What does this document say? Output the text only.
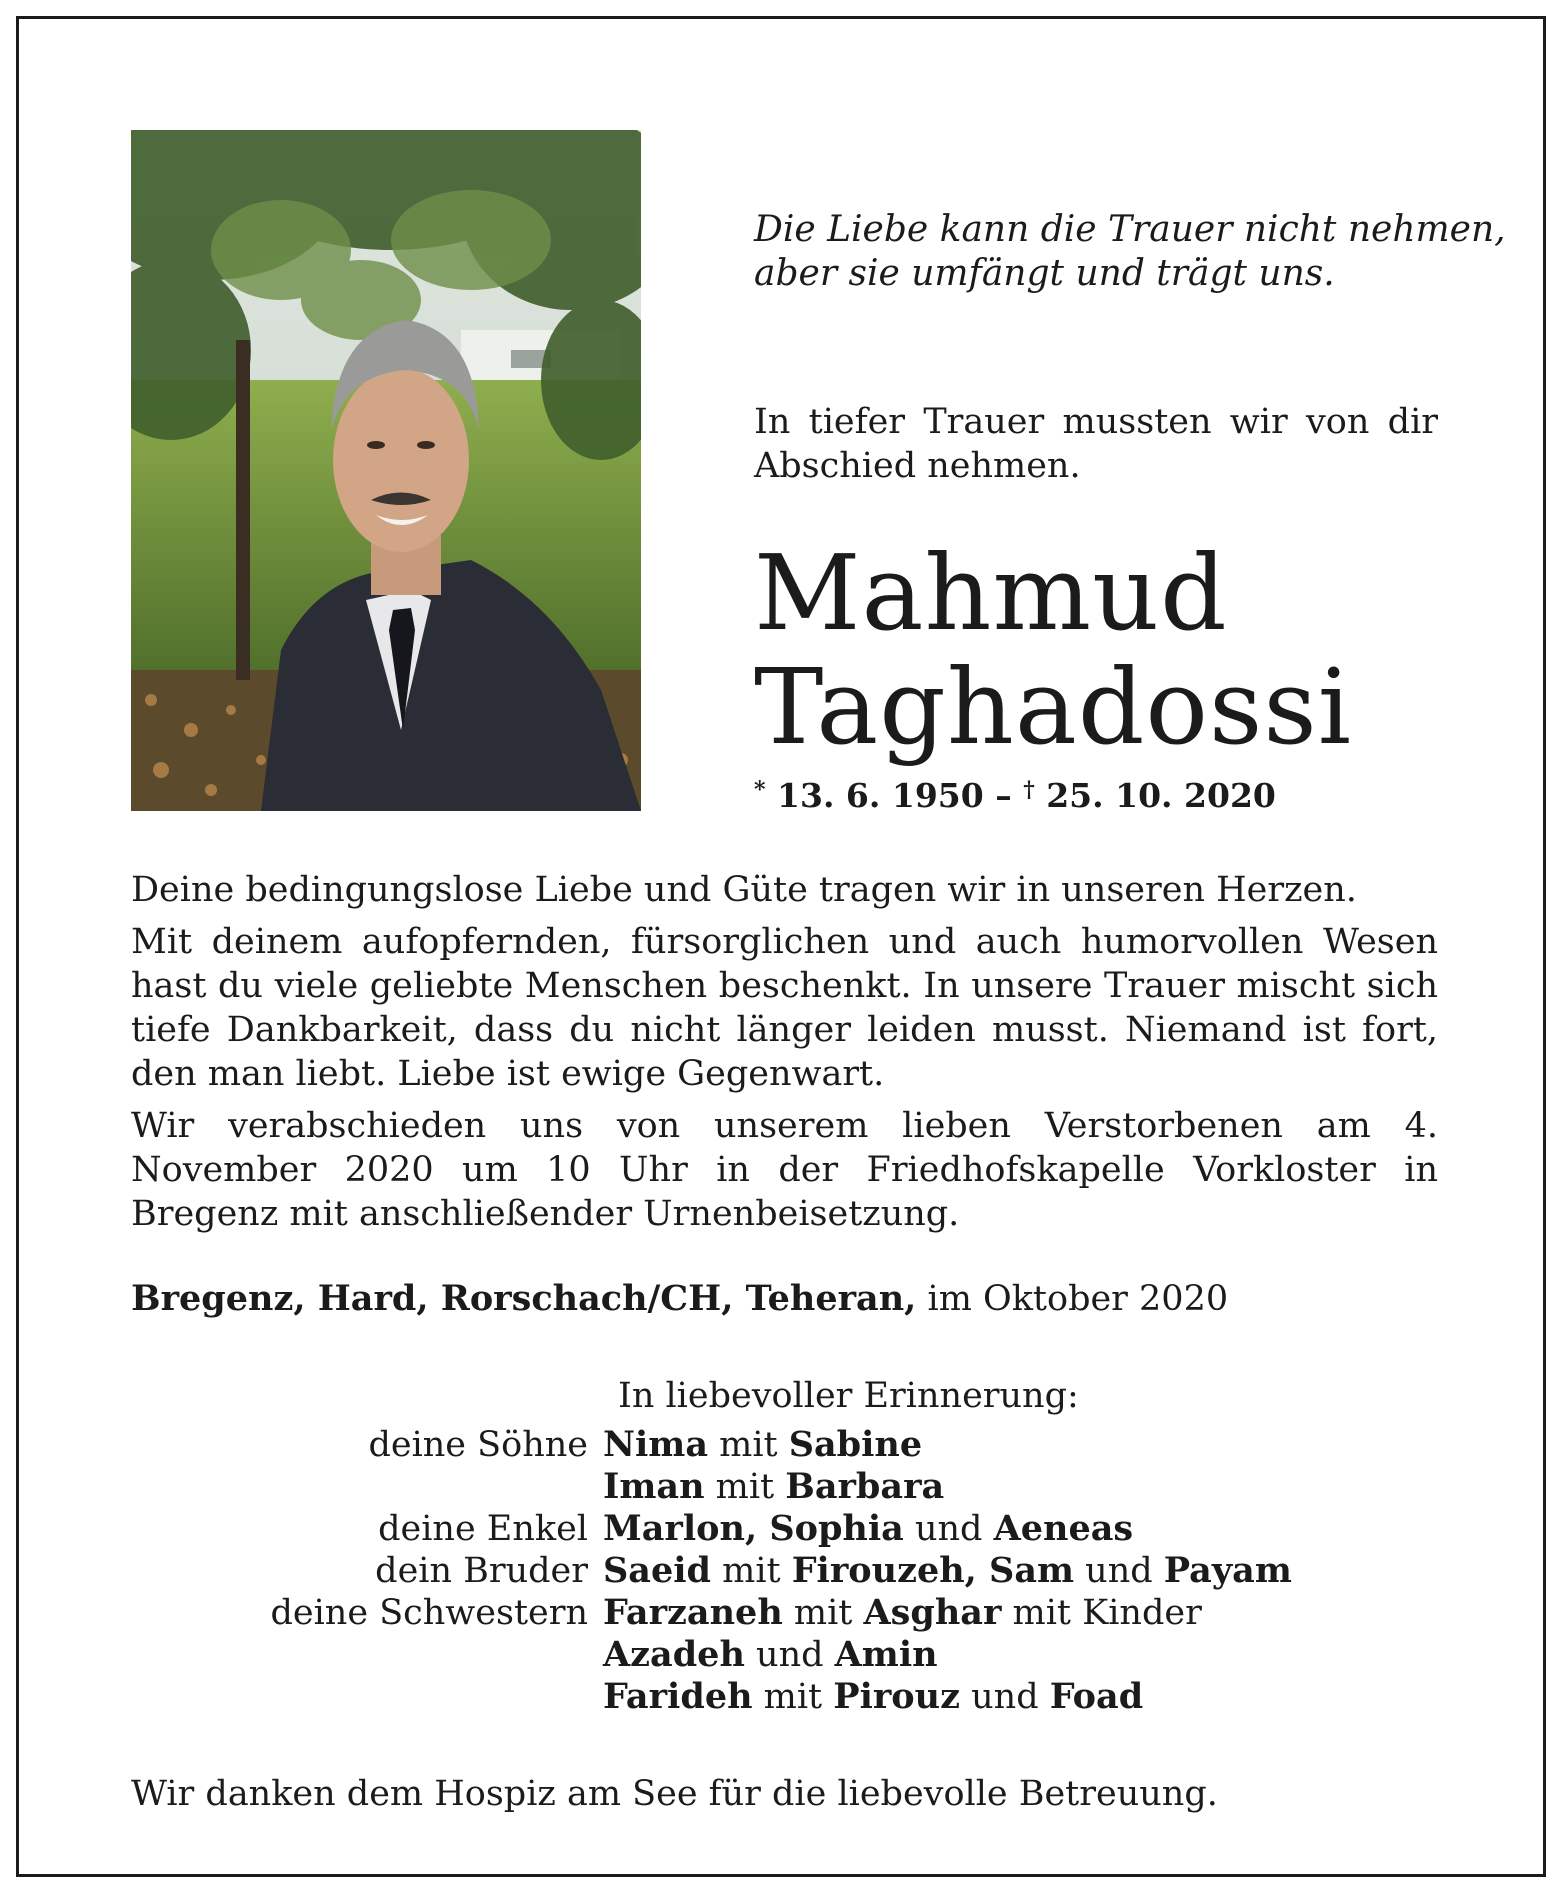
Die Liebe kann die Trauer nicht nehmen,
aber sie umfängt und trägt uns.
In tiefer Trauer mussten wir von dir
Abschied nehmen.
Mahmud
Taghadossi
* 13. 6. 1950 – † 25. 10. 2020

Deine bedingungslose Liebe und Güte tragen wir in unseren Herzen.

Mit deinem aufopfernden, fürsorglichen und auch humorvollen Wesen hast du viele geliebte Menschen beschenkt. In unsere Trauer mischt sich tiefe Dankbarkeit, dass du nicht länger leiden musst. Niemand ist fort, den man liebt. Liebe ist ewige Gegenwart.

Wir verabschieden uns von unserem lieben Verstorbenen am 4. November 2020 um 10 Uhr in der Friedhofskapelle Vorkloster in Bregenz mit anschließender Urnenbeisetzung.

Bregenz, Hard, Rorschach/CH, Teheran, im Oktober 2020
In liebevoller Erinnerung:
deine Söhne Nima mit Sabine
Iman mit Barbara
deine Enkel Marlon, Sophia und Aeneas
dein Bruder Saeid mit Firouzeh, Sam und Payam
deine Schwestern Farzaneh mit Asghar mit Kinder
Azadeh und Amin
Farideh mit Pirouz und Foad
Wir danken dem Hospiz am See für die liebevolle Betreuung.
